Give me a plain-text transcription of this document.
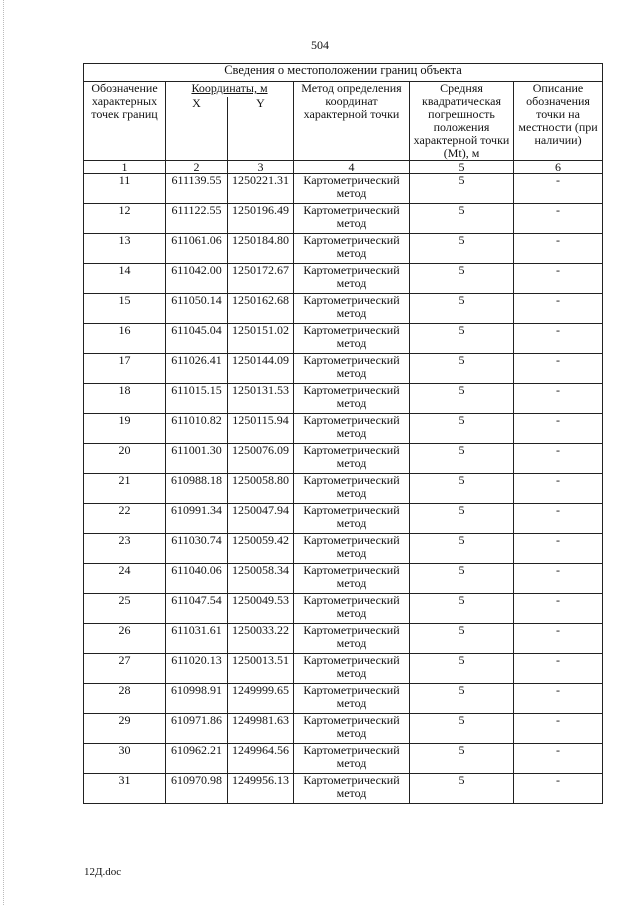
504
Сведения о местоположении границ объекта					
Обозначение характерных точек границ	Координаты, м		Метод определения координат характерной точки	Средняя квадратическая погрешность положения характерной точки (Mt), м	Описание обозначения точки на местности (при наличии)
	X	Y			
1	2	3	4	5	6
11	611139.55	1250221.31	Картометрический метод	5	-
12	611122.55	1250196.49	Картометрический метод	5	-
13	611061.06	1250184.80	Картометрический метод	5	-
14	611042.00	1250172.67	Картометрический метод	5	-
15	611050.14	1250162.68	Картометрический метод	5	-
16	611045.04	1250151.02	Картометрический метод	5	-
17	611026.41	1250144.09	Картометрический метод	5	-
18	611015.15	1250131.53	Картометрический метод	5	-
19	611010.82	1250115.94	Картометрический метод	5	-
20	611001.30	1250076.09	Картометрический метод	5	-
21	610988.18	1250058.80	Картометрический метод	5	-
22	610991.34	1250047.94	Картометрический метод	5	-
23	611030.74	1250059.42	Картометрический метод	5	-
24	611040.06	1250058.34	Картометрический метод	5	-
25	611047.54	1250049.53	Картометрический метод	5	-
26	611031.61	1250033.22	Картометрический метод	5	-
27	611020.13	1250013.51	Картометрический метод	5	-
28	610998.91	1249999.65	Картометрический метод	5	-
29	610971.86	1249981.63	Картометрический метод	5	-
30	610962.21	1249964.56	Картометрический метод	5	-
31	610970.98	1249956.13	Картометрический метод	5	-
12Д.doc
